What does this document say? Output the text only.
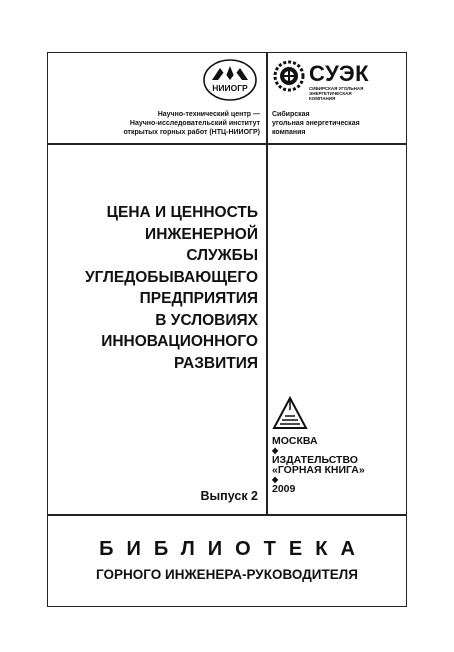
НИИОГР
СУЭК
СИБИРСКАЯ УГОЛЬНАЯ ЭНЕРГЕТИЧЕСКАЯ КОМПАНИЯ
Научно-технический центр —
Научно-исследовательский институт
открытых горных работ (НТЦ-НИИОГР)
Сибирская
угольная энергетическая
компания
ЦЕНА И ЦЕННОСТЬ
ИНЖЕНЕРНОЙ
СЛУЖБЫ
УГЛЕДОБЫВАЮЩЕГО
ПРЕДПРИЯТИЯ
В УСЛОВИЯХ
ИННОВАЦИОННОГО
РАЗВИТИЯ
МОСКВА
◆
ИЗДАТЕЛЬСТВО
«ГОРНАЯ КНИГА»
◆
2009
Выпуск 2
БИБЛИОТЕКА
ГОРНОГО ИНЖЕНЕРА-РУКОВОДИТЕЛЯ
